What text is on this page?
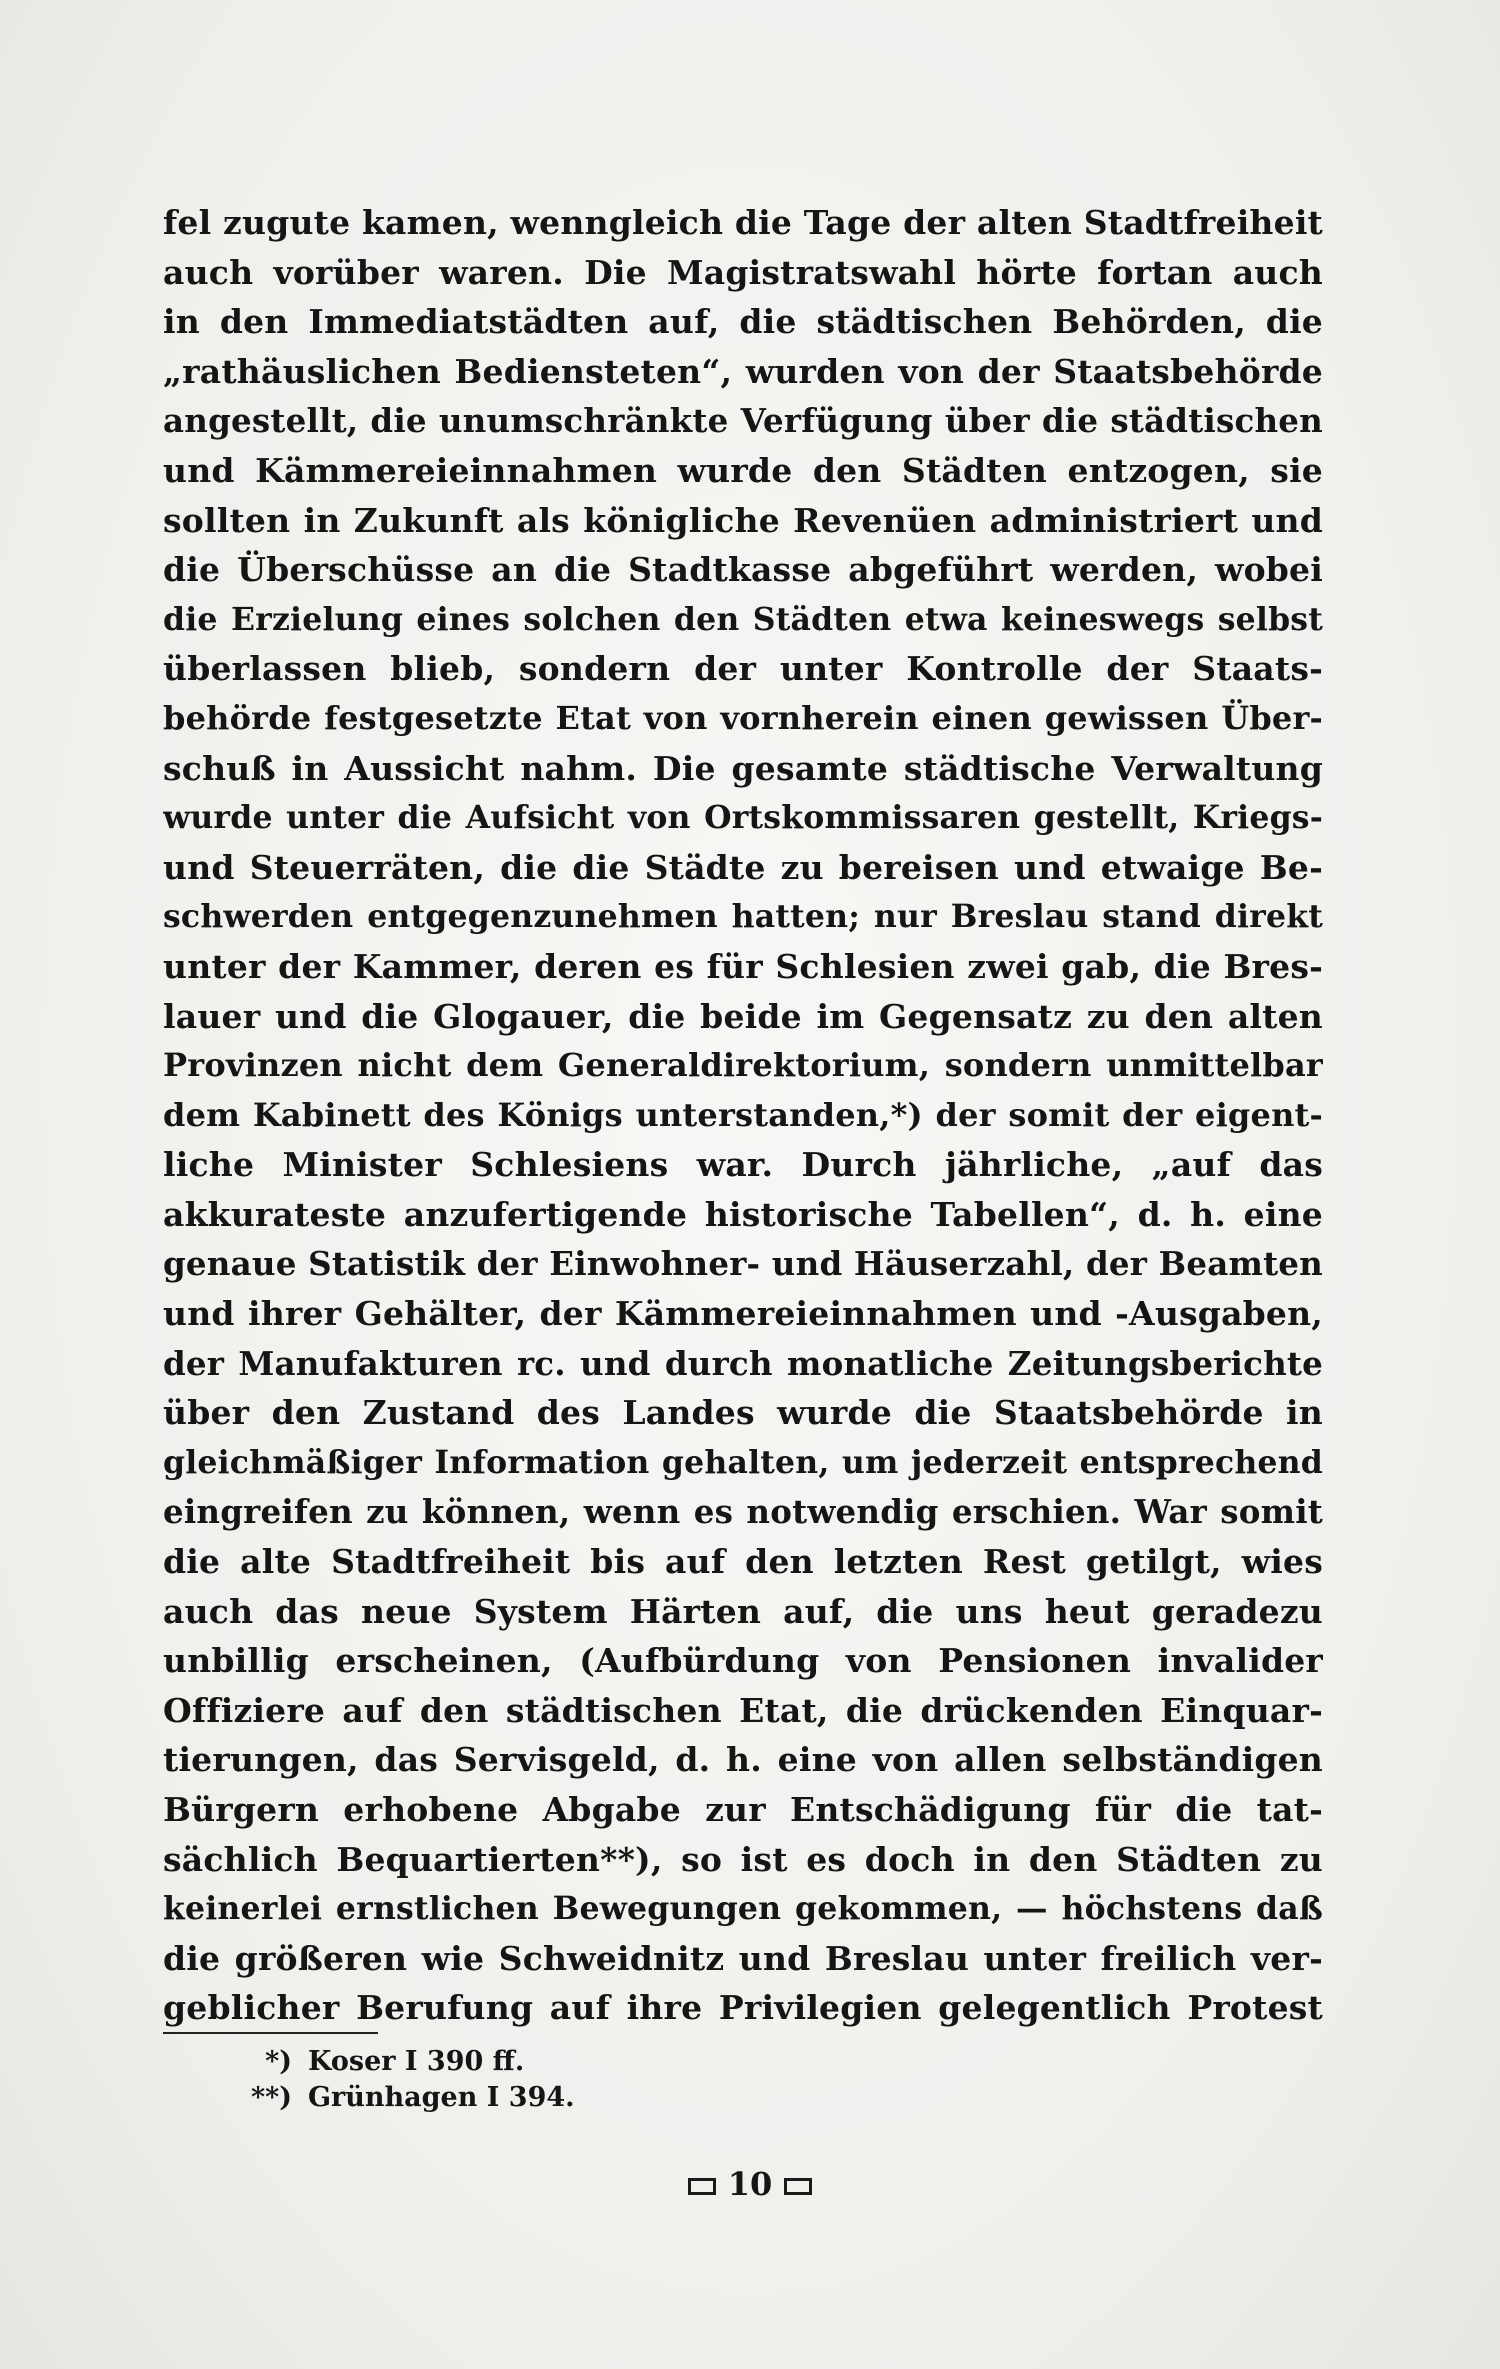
fel zugute kamen, wenngleich die Tage der alten Stadtfreiheit
auch vorüber waren. Die Magistratswahl hörte fortan auch
in den Immediatstädten auf, die städtischen Behörden, die
„rathäuslichen Bediensteten“, wurden von der Staatsbehörde
angestellt, die unumschränkte Verfügung über die städtischen
und Kämmereieinnahmen wurde den Städten entzogen, sie
sollten in Zukunft als königliche Revenüen administriert und
die Überschüsse an die Stadtkasse abgeführt werden, wobei
die Erzielung eines solchen den Städten etwa keineswegs selbst
überlassen blieb, sondern der unter Kontrolle der Staats-
behörde festgesetzte Etat von vornherein einen gewissen Über-
schuß in Aussicht nahm. Die gesamte städtische Verwaltung
wurde unter die Aufsicht von Ortskommissaren gestellt, Kriegs-
und Steuerräten, die die Städte zu bereisen und etwaige Be-
schwerden entgegenzunehmen hatten; nur Breslau stand direkt
unter der Kammer, deren es für Schlesien zwei gab, die Bres-
lauer und die Glogauer, die beide im Gegensatz zu den alten
Provinzen nicht dem Generaldirektorium, sondern unmittelbar
dem Kabinett des Königs unterstanden,*) der somit der eigent-
liche Minister Schlesiens war. Durch jährliche, „auf das
akkurateste anzufertigende historische Tabellen“, d. h. eine
genaue Statistik der Einwohner- und Häuserzahl, der Beamten
und ihrer Gehälter, der Kämmereieinnahmen und -Ausgaben,
der Manufakturen rc. und durch monatliche Zeitungsberichte
über den Zustand des Landes wurde die Staatsbehörde in
gleichmäßiger Information gehalten, um jederzeit entsprechend
eingreifen zu können, wenn es notwendig erschien. War somit
die alte Stadtfreiheit bis auf den letzten Rest getilgt, wies
auch das neue System Härten auf, die uns heut geradezu
unbillig erscheinen, (Aufbürdung von Pensionen invalider
Offiziere auf den städtischen Etat, die drückenden Einquar-
tierungen, das Servisgeld, d. h. eine von allen selbständigen
Bürgern erhobene Abgabe zur Entschädigung für die tat-
sächlich Bequartierten**), so ist es doch in den Städten zu
keinerlei ernstlichen Bewegungen gekommen, — höchstens daß
die größeren wie Schweidnitz und Breslau unter freilich ver-
geblicher Berufung auf ihre Privilegien gelegentlich Protest
*) Koser I 390 ff.
**) Grünhagen I 394.
10
